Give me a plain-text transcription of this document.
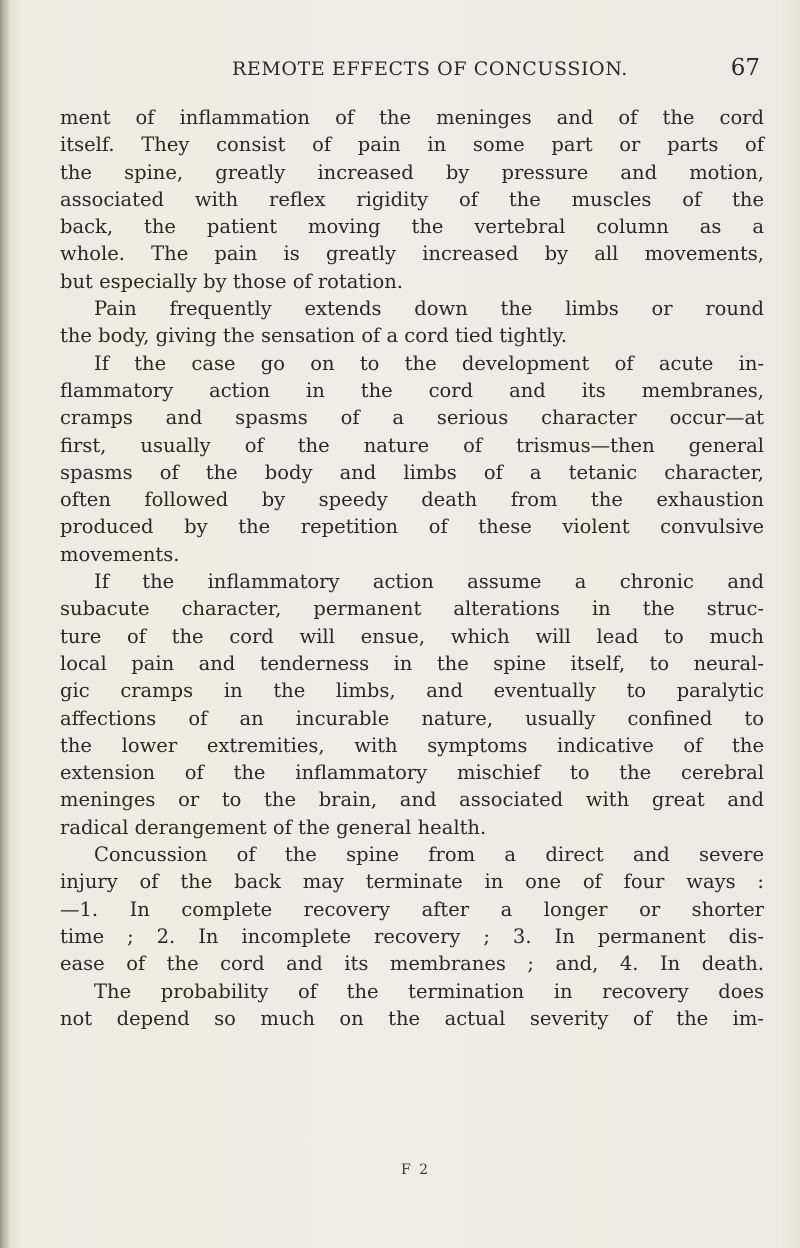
REMOTE EFFECTS OF CONCUSSION.	67
ment of inflammation of the meninges and of the cord
itself. They consist of pain in some part or parts of
the spine, greatly increased by pressure and motion,
associated with reflex rigidity of the muscles of the
back, the patient moving the vertebral column as a
whole. The pain is greatly increased by all movements,
but especially by those of rotation.
Pain frequently extends down the limbs or round
the body, giving the sensation of a cord tied tightly.
If the case go on to the development of acute in-
flammatory action in the cord and its membranes,
cramps and spasms of a serious character occur—at
first, usually of the nature of trismus—then general
spasms of the body and limbs of a tetanic character,
often followed by speedy death from the exhaustion
produced by the repetition of these violent convulsive
movements.
If the inflammatory action assume a chronic and
subacute character, permanent alterations in the struc-
ture of the cord will ensue, which will lead to much
local pain and tenderness in the spine itself, to neural-
gic cramps in the limbs, and eventually to paralytic
affections of an incurable nature, usually confined to
the lower extremities, with symptoms indicative of the
extension of the inflammatory mischief to the cerebral
meninges or to the brain, and associated with great and
radical derangement of the general health.
Concussion of the spine from a direct and severe
injury of the back may terminate in one of four ways :
—1. In complete recovery after a longer or shorter
time ; 2. In incomplete recovery ; 3. In permanent dis-
ease of the cord and its membranes ; and, 4. In death.
The probability of the termination in recovery does
not depend so much on the actual severity of the im-
F 2
